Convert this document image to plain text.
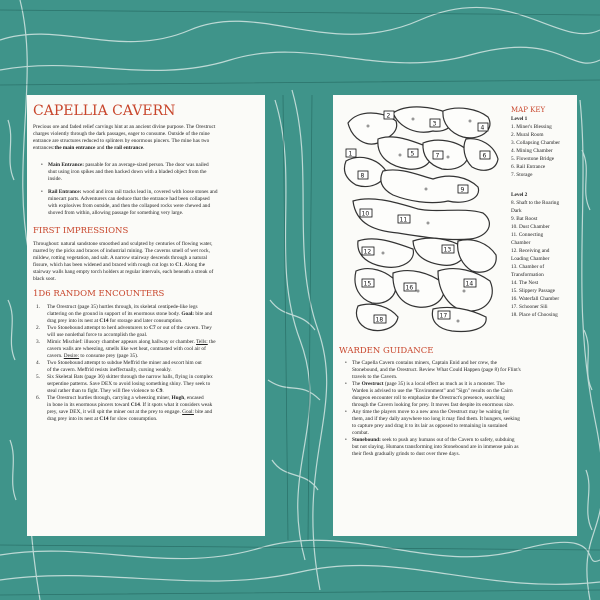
CAPELLIA CAVERN
Precious ore and faded relief carvings hint at an ancient divine purpose. The Orestruct
charges violently through the dark passages, eager to consume. Outside of the mine
entrance are structures reduced to splinters by enormous pincers. The mine has two
entrances:the main entrance and the rail entrance.
• Main Entrance: passable for an average-sized person. The door was nailed
shut using iron spikes and then hacked down with a bladed object from the
inside.
• Rail Entrance: wood and iron rail tracks lead in, covered with loose stones and
minecart parts. Adventurers can deduce that the entrance had been collapsed
with explosives from outside, and then the collapsed rocks were chewed and
shoved from within, allowing passage for something very large.
FIRST IMPRESSIONS
Throughout: natural sandstone smoothed and sculpted by centuries of flowing water,
marred by the picks and braces of industrial mining. The caverns smell of wet rock,
mildew, rotting vegetation, and salt. A narrow stairway descends through a natural
fissure, which has been widened and braced with rough cut logs to C1. Along the
stairway walls hang empty torch holders at regular intervals, each beneath a streak of
black soot.
1D6 RANDOM ENCOUNTERS
1. The Orestruct (page 35) hurtles through, its skeletal centipede-like legs
clattering on the ground in support of its enormous stone body. Goal: bite and
drag prey into its nest at C14 for storage and later consumption.
2. Two Stonebound attempt to herd adventurers to C7 or out of the cavern. They
will use nonlethal force to accomplish the goal.
3. Mimic Mischief: illusory chamber appears along hallway or chamber. Tells: the
cavern walls are wheezing, smells like wet heat, contrasted with cool air of
cavern. Desire: to consume prey (page 35).
4. Two Stonebound attempt to subdue Meffrid the miner and escort him out
of the cavern. Meffrid resists ineffectually, cursing weakly.
5. Six Skeletal Bats (page 36) skitter through the narrow halls, flying in complex
serpentine patterns. Save DEX to avoid losing something shiny. They seek to
steal rather than to fight. They will flee violence to C9.
6. The Orestruct hurtles through, carrying a wheezing miner, Hugh, encased
in bone in its enormous pincers toward C14. If it spots what it considers weak
prey, save DEX, it will spit the miner out at the prey to engage. Goal: bite and
drag prey into its nest at C14 for slow consumption.
1
2
3
4
5	6
7
8
9
10
11
12	13
14
15
16
17
18
MAP KEY
Level 1
1. Miner's Blessing
2. Mural Room
3. Collapsing Chamber
4. Mining Chamber
5. Flowstone Bridge
6. Rail Entrance
7. Storage
Level 2
8. Shaft to the Roaring
Dark
9. Bat Roost
10. Dust Chamber
11. Connecting
Chamber
12. Receiving and
Loading Chamber
13. Chamber of
Transformation
14. The Nest
15. Slippery Passage
16. Waterfall Chamber
17. Schooner Sili
18. Place of Choosing
WARDEN GUIDANCE
• The Capella Cavern contains miners, Captain Enid and her crew, the
Stonebound, and the Orestruct. Review What Could Happen (page 8) for Flint's
travels to the Cavern.
• The Orestruct (page 35) is a local effect as much as it is a monster. The
Warden is advised to use the "Environment" and "Sign" results on the Cairn
dungeon encounter roll to emphasize the Orestruct's presence, searching
through the Cavern looking for prey. It moves fast despite its enormous size.
• Any time the players move to a new area the Orestruct may be waiting for
them, and if they dally anywhere too long it may find them. It hungers, seeking
to capture prey and drag it to its lair as opposed to remaining in sustained
combat.
• Stonebound: seek to push any humans out of the Cavern to safety, subduing
but not slaying. Humans transforming into Stonebound are in immense pain as
their flesh gradually grinds to dust over three days.
